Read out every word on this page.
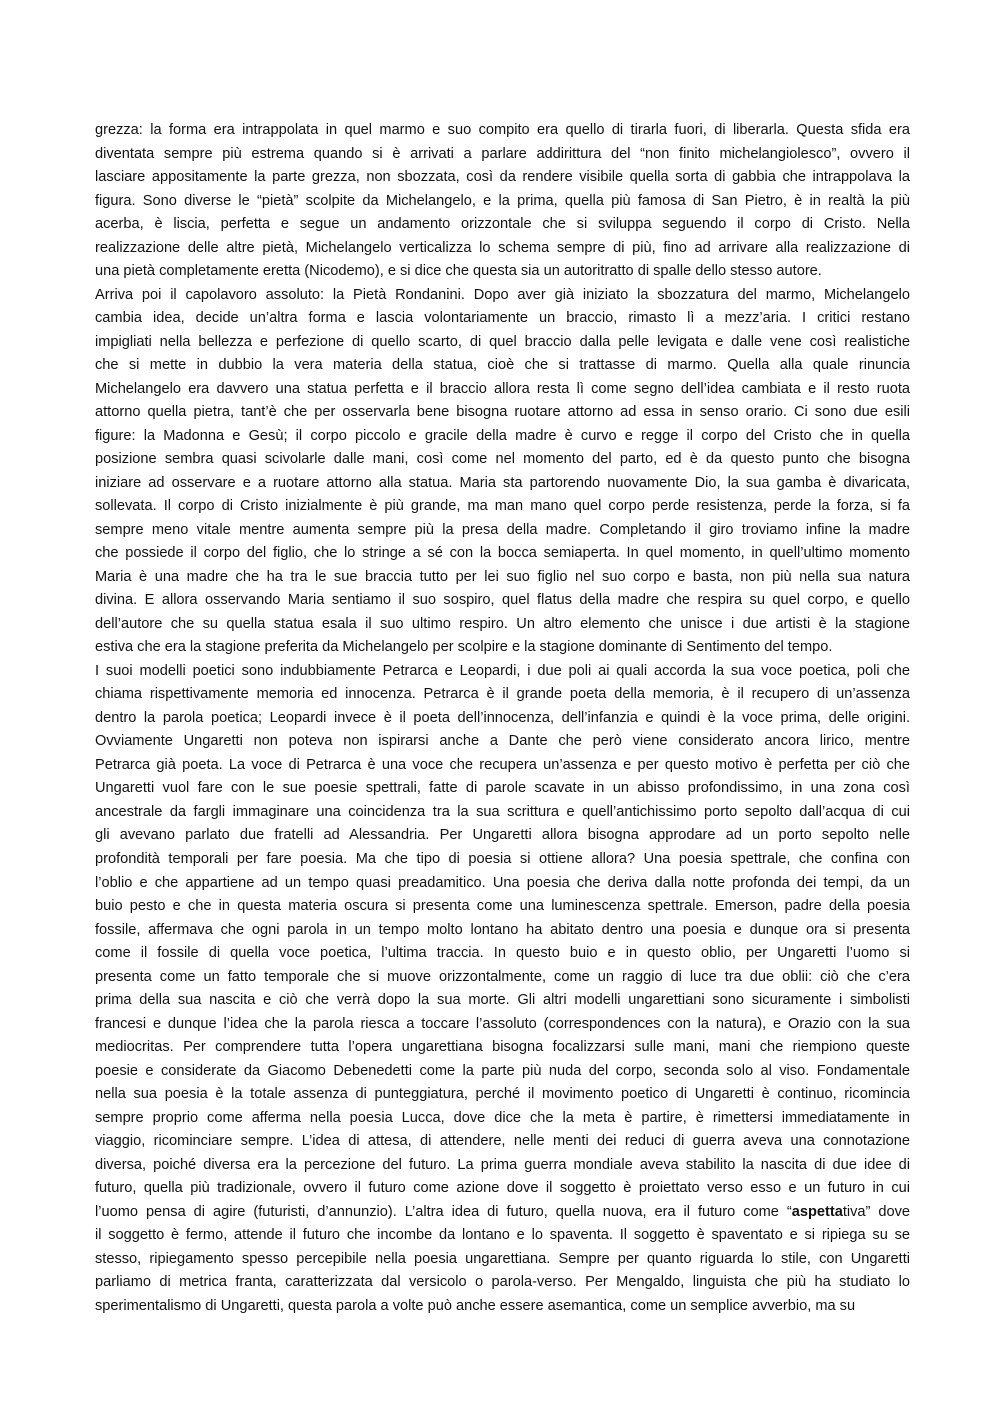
grezza: la forma era intrappolata in quel marmo e suo compito era quello di tirarla fuori, di liberarla. Questa sfida era
diventata sempre più estrema quando si è arrivati a parlare addirittura del “non finito michelangiolesco”, ovvero il
lasciare appositamente la parte grezza, non sbozzata, così da rendere visibile quella sorta di gabbia che intrappolava la
figura. Sono diverse le “pietà” scolpite da Michelangelo, e la prima, quella più famosa di San Pietro, è in realtà la più
acerba, è liscia, perfetta e segue un andamento orizzontale che si sviluppa seguendo il corpo di Cristo. Nella
realizzazione delle altre pietà, Michelangelo verticalizza lo schema sempre di più, fino ad arrivare alla realizzazione di
una pietà completamente eretta (Nicodemo), e si dice che questa sia un autoritratto di spalle dello stesso autore.
Arriva poi il capolavoro assoluto: la Pietà Rondanini. Dopo aver già iniziato la sbozzatura del marmo, Michelangelo
cambia idea, decide un’altra forma e lascia volontariamente un braccio, rimasto lì a mezz’aria. I critici restano
impigliati nella bellezza e perfezione di quello scarto, di quel braccio dalla pelle levigata e dalle vene così realistiche
che si mette in dubbio la vera materia della statua, cioè che si trattasse di marmo. Quella alla quale rinuncia
Michelangelo era davvero una statua perfetta e il braccio allora resta lì come segno dell’idea cambiata e il resto ruota
attorno quella pietra, tant’è che per osservarla bene bisogna ruotare attorno ad essa in senso orario. Ci sono due esili
figure: la Madonna e Gesù; il corpo piccolo e gracile della madre è curvo e regge il corpo del Cristo che in quella
posizione sembra quasi scivolarle dalle mani, così come nel momento del parto, ed è da questo punto che bisogna
iniziare ad osservare e a ruotare attorno alla statua. Maria sta partorendo nuovamente Dio, la sua gamba è divaricata,
sollevata. Il corpo di Cristo inizialmente è più grande, ma man mano quel corpo perde resistenza, perde la forza, si fa
sempre meno vitale mentre aumenta sempre più la presa della madre. Completando il giro troviamo infine la madre
che possiede il corpo del figlio, che lo stringe a sé con la bocca semiaperta. In quel momento, in quell’ultimo momento
Maria è una madre che ha tra le sue braccia tutto per lei suo figlio nel suo corpo e basta, non più nella sua natura
divina. E allora osservando Maria sentiamo il suo sospiro, quel flatus della madre che respira su quel corpo, e quello
dell’autore che su quella statua esala il suo ultimo respiro. Un altro elemento che unisce i due artisti è la stagione
estiva che era la stagione preferita da Michelangelo per scolpire e la stagione dominante di Sentimento del tempo.
I suoi modelli poetici sono indubbiamente Petrarca e Leopardi, i due poli ai quali accorda la sua voce poetica, poli che
chiama rispettivamente memoria ed innocenza. Petrarca è il grande poeta della memoria, è il recupero di un’assenza
dentro la parola poetica; Leopardi invece è il poeta dell’innocenza, dell’infanzia e quindi è la voce prima, delle origini.
Ovviamente Ungaretti non poteva non ispirarsi anche a Dante che però viene considerato ancora lirico, mentre
Petrarca già poeta. La voce di Petrarca è una voce che recupera un’assenza e per questo motivo è perfetta per ciò che
Ungaretti vuol fare con le sue poesie spettrali, fatte di parole scavate in un abisso profondissimo, in una zona così
ancestrale da fargli immaginare una coincidenza tra la sua scrittura e quell’antichissimo porto sepolto dall’acqua di cui
gli avevano parlato due fratelli ad Alessandria. Per Ungaretti allora bisogna approdare ad un porto sepolto nelle
profondità temporali per fare poesia. Ma che tipo di poesia si ottiene allora? Una poesia spettrale, che confina con
l’oblio e che appartiene ad un tempo quasi preadamitico. Una poesia che deriva dalla notte profonda dei tempi, da un
buio pesto e che in questa materia oscura si presenta come una luminescenza spettrale. Emerson, padre della poesia
fossile, affermava che ogni parola in un tempo molto lontano ha abitato dentro una poesia e dunque ora si presenta
come il fossile di quella voce poetica, l’ultima traccia. In questo buio e in questo oblio, per Ungaretti l’uomo si
presenta come un fatto temporale che si muove orizzontalmente, come un raggio di luce tra due oblii: ciò che c’era
prima della sua nascita e ciò che verrà dopo la sua morte. Gli altri modelli ungarettiani sono sicuramente i simbolisti
francesi e dunque l’idea che la parola riesca a toccare l’assoluto (correspondences con la natura), e Orazio con la sua
mediocritas. Per comprendere tutta l’opera ungarettiana bisogna focalizzarsi sulle mani, mani che riempiono queste
poesie e considerate da Giacomo Debenedetti come la parte più nuda del corpo, seconda solo al viso. Fondamentale
nella sua poesia è la totale assenza di punteggiatura, perché il movimento poetico di Ungaretti è continuo, ricomincia
sempre proprio come afferma nella poesia Lucca, dove dice che la meta è partire, è rimettersi immediatamente in
viaggio, ricominciare sempre. L’idea di attesa, di attendere, nelle menti dei reduci di guerra aveva una connotazione
diversa, poiché diversa era la percezione del futuro. La prima guerra mondiale aveva stabilito la nascita di due idee di
futuro, quella più tradizionale, ovvero il futuro come azione dove il soggetto è proiettato verso esso e un futuro in cui
l’uomo pensa di agire (futuristi, d’annunzio). L’altra idea di futuro, quella nuova, era il futuro come “aspettativa” dove
il soggetto è fermo, attende il futuro che incombe da lontano e lo spaventa. Il soggetto è spaventato e si ripiega su se
stesso, ripiegamento spesso percepibile nella poesia ungarettiana. Sempre per quanto riguarda lo stile, con Ungaretti
parliamo di metrica franta, caratterizzata dal versicolo o parola-verso. Per Mengaldo, linguista che più ha studiato lo
sperimentalismo di Ungaretti, questa parola a volte può anche essere asemantica, come un semplice avverbio, ma su
